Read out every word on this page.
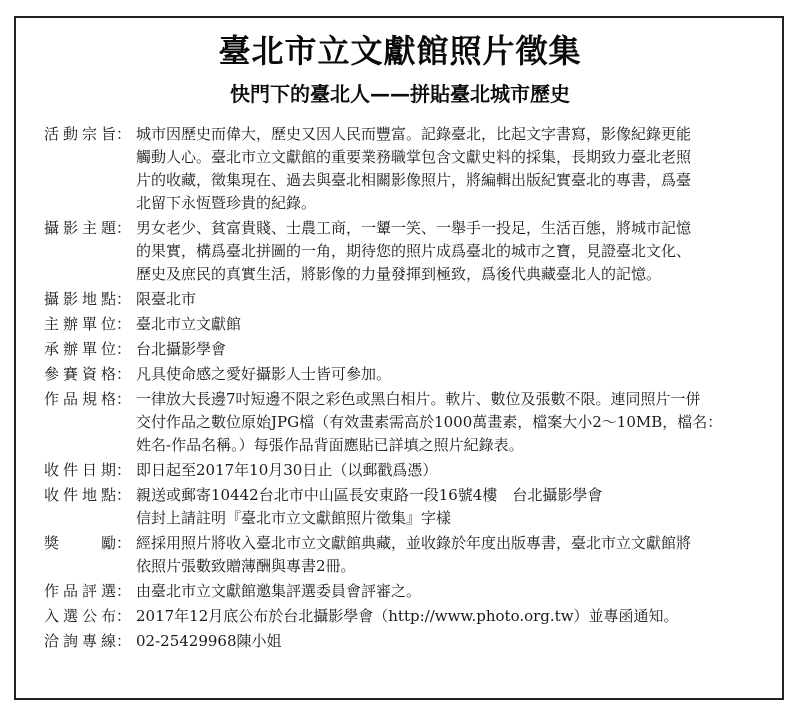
臺北市立文獻館照片徵集
快門下的臺北人——拼貼臺北城市歷史
活動宗旨 ： 城市因歷史而偉大，歷史又因人民而豐富。記錄臺北，比起文字書寫，影像紀錄更能
觸動人心。臺北市立文獻館的重要業務職掌包含文獻史料的採集，長期致力臺北老照
片的收藏，徵集現在、過去與臺北相關影像照片，將編輯出版紀實臺北的專書，爲臺
北留下永恆暨珍貴的紀錄。
攝影主題 ： 男女老少、貧富貴賤、士農工商，一顰一笑、一舉手一投足，生活百態，將城市記憶
的果實，構爲臺北拼圖的一角，期待您的照片成爲臺北的城市之寶，見證臺北文化、
歷史及庶民的真實生活，將影像的力量發揮到極致，爲後代典藏臺北人的記憶。
攝影地點 ： 限臺北市
主辦單位 ： 臺北市立文獻館
承辦單位 ： 台北攝影學會
參賽資格 ： 凡具使命感之愛好攝影人士皆可參加。
作品規格 ： 一律放大長邊7吋短邊不限之彩色或黑白相片。軟片、數位及張數不限。連同照片一併
交付作品之數位原始JPG檔（有效畫素需高於1000萬畫素，檔案大小2～10MB，檔名：
姓名-作品名稱。）每張作品背面應貼已詳填之照片紀錄表。
收件日期 ： 即日起至2017年10月30日止（以郵戳爲憑）
收件地點 ： 親送或郵寄10442台北市中山區長安東路一段16號4樓　台北攝影學會
信封上請註明『臺北市立文獻館照片徵集』字樣
獎勵 ： 經採用照片將收入臺北市立文獻館典藏，並收錄於年度出版專書，臺北市立文獻館將
依照片張數致贈薄酬與專書2冊。
作品評選 ： 由臺北市立文獻館邀集評選委員會評審之。
入選公布 ： 2017年12月底公布於台北攝影學會（http://www.photo.org.tw）並專函通知。
洽詢專線 ： 02-25429968陳小姐
